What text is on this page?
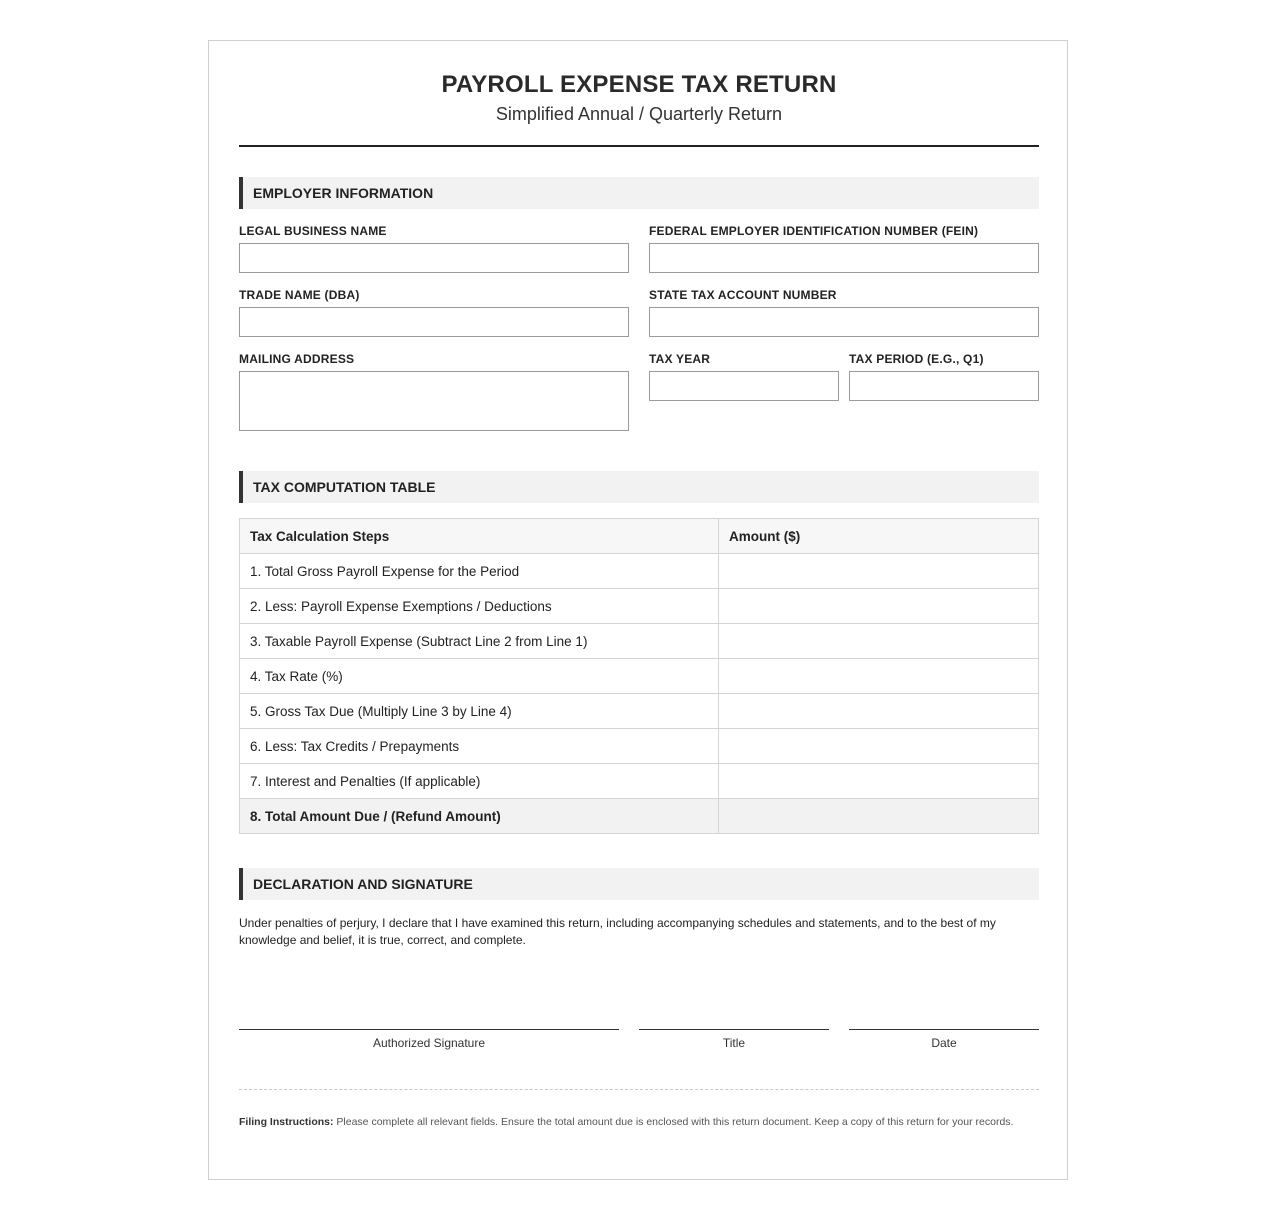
PAYROLL EXPENSE TAX RETURN
Simplified Annual / Quarterly Return
EMPLOYER INFORMATION
LEGAL BUSINESS NAME	FEDERAL EMPLOYER IDENTIFICATION NUMBER (FEIN)
TRADE NAME (DBA)	STATE TAX ACCOUNT NUMBER
MAILING ADDRESS	TAX YEAR	TAX PERIOD (E.G., Q1)
TAX COMPUTATION TABLE
Tax Calculation Steps	Amount ($)
1. Total Gross Payroll Expense for the Period	
2. Less: Payroll Expense Exemptions / Deductions	
3. Taxable Payroll Expense (Subtract Line 2 from Line 1)	
4. Tax Rate (%)	
5. Gross Tax Due (Multiply Line 3 by Line 4)	
6. Less: Tax Credits / Prepayments	
7. Interest and Penalties (If applicable)	
8. Total Amount Due / (Refund Amount)	
DECLARATION AND SIGNATURE
Under penalties of perjury, I declare that I have examined this return, including accompanying schedules and statements, and to the best of my knowledge and belief, it is true, correct, and complete.
Authorized Signature	Title	Date
Filing Instructions: Please complete all relevant fields. Ensure the total amount due is enclosed with this return document. Keep a copy of this return for your records.
